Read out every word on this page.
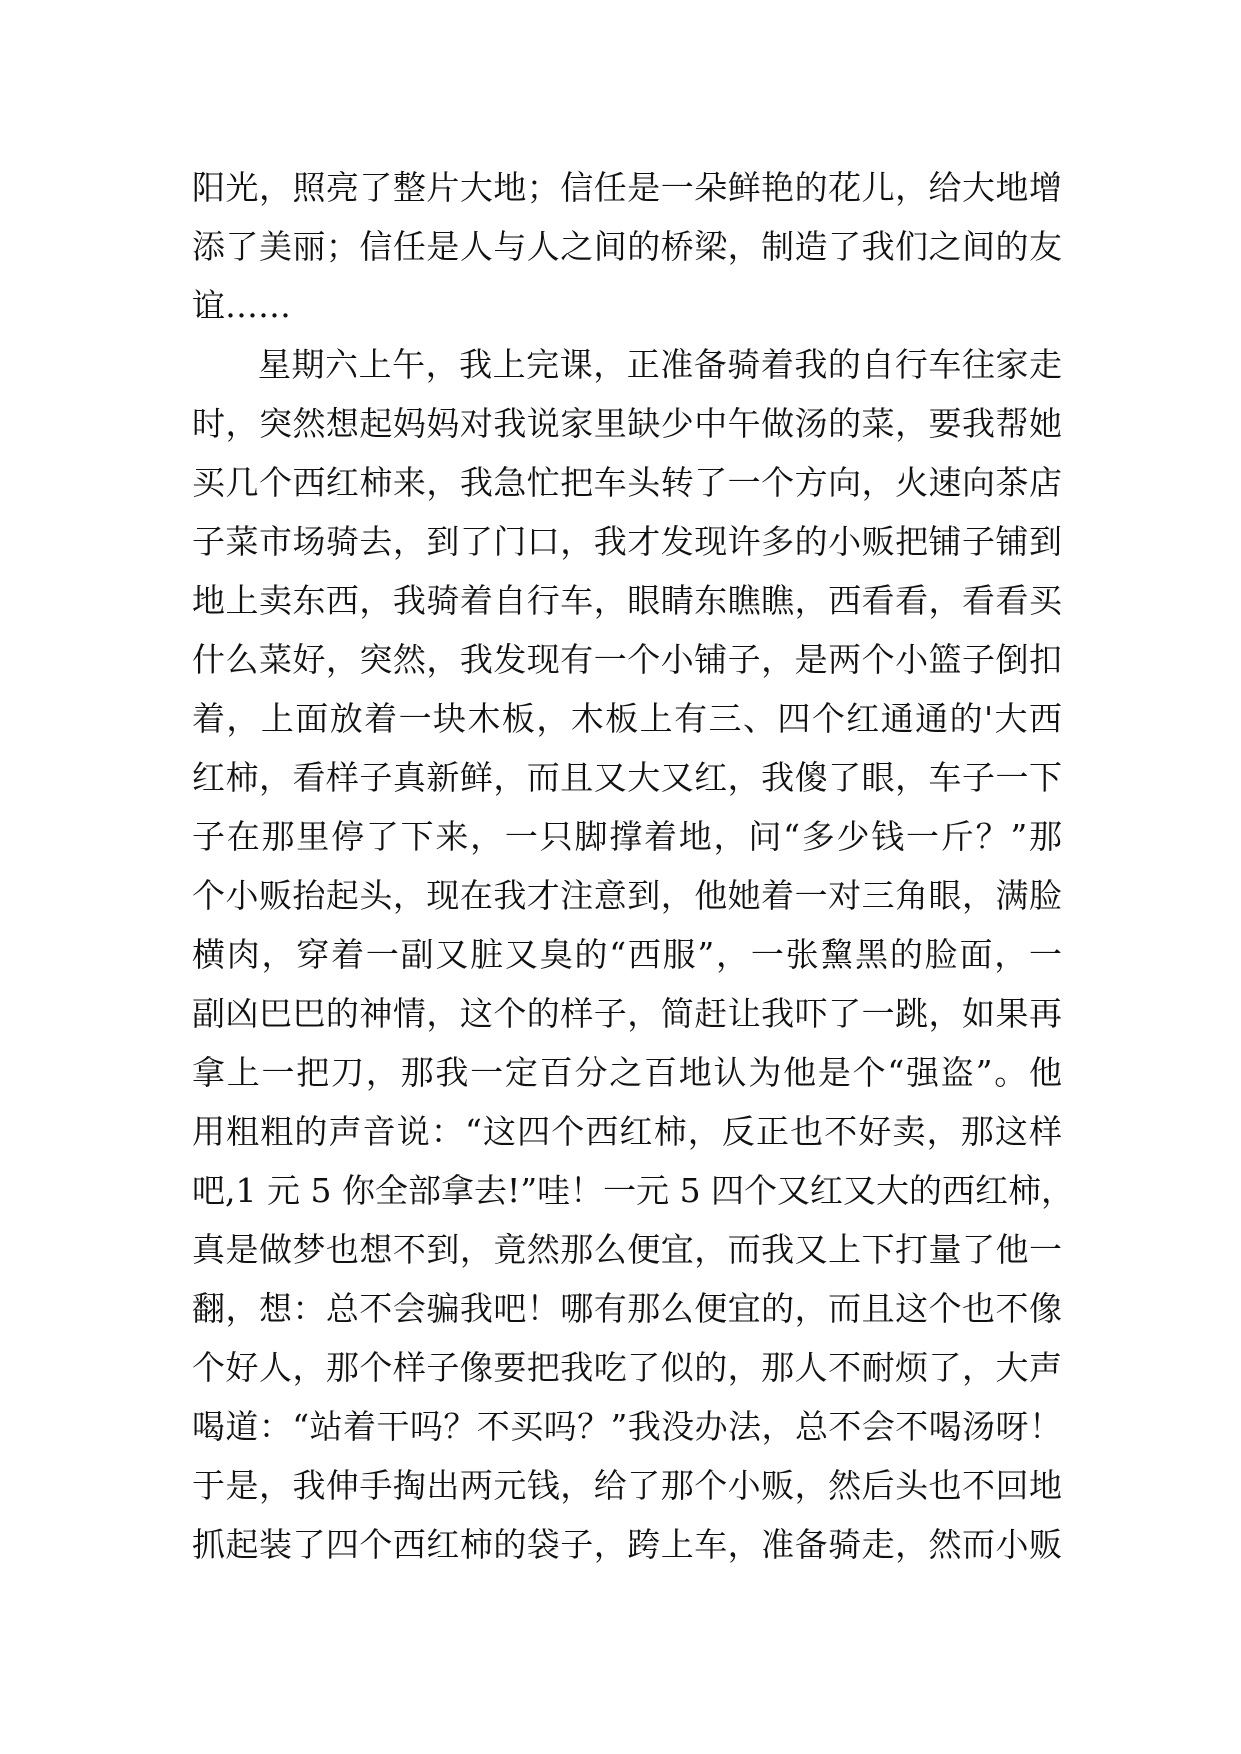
阳光，照亮了整片大地；信任是一朵鲜艳的花儿，给大地增
添了美丽；信任是人与人之间的桥梁，制造了我们之间的友
谊……
星期六上午，我上完课，正准备骑着我的自行车往家走
时，突然想起妈妈对我说家里缺少中午做汤的菜，要我帮她
买几个西红柿来，我急忙把车头转了一个方向，火速向茶店
子菜市场骑去，到了门口，我才发现许多的小贩把铺子铺到
地上卖东西，我骑着自行车，眼睛东瞧瞧，西看看，看看买
什么菜好，突然，我发现有一个小铺子，是两个小篮子倒扣
着，上面放着一块木板，木板上有三、四个红通通的'大西
红柿，看样子真新鲜，而且又大又红，我傻了眼，车子一下
子在那里停了下来，一只脚撑着地，问“多少钱一斤？”那
个小贩抬起头，现在我才注意到，他她着一对三角眼，满脸
横肉，穿着一副又脏又臭的“西服”，一张黧黑的脸面，一
副凶巴巴的神情，这个的样子，简赶让我吓了一跳，如果再
拿上一把刀，那我一定百分之百地认为他是个“强盗”。他
用粗粗的声音说：“这四个西红柿，反正也不好卖，那这样
吧,1 元 5 你全部拿去!”哇！一元 5 四个又红又大的西红柿，
真是做梦也想不到，竟然那么便宜，而我又上下打量了他一
翻，想：总不会骗我吧！哪有那么便宜的，而且这个也不像
个好人，那个样子像要把我吃了似的，那人不耐烦了，大声
喝道：“站着干吗？不买吗？”我没办法，总不会不喝汤呀！
于是，我伸手掏出两元钱，给了那个小贩，然后头也不回地
抓起装了四个西红柿的袋子，跨上车，准备骑走，然而小贩
